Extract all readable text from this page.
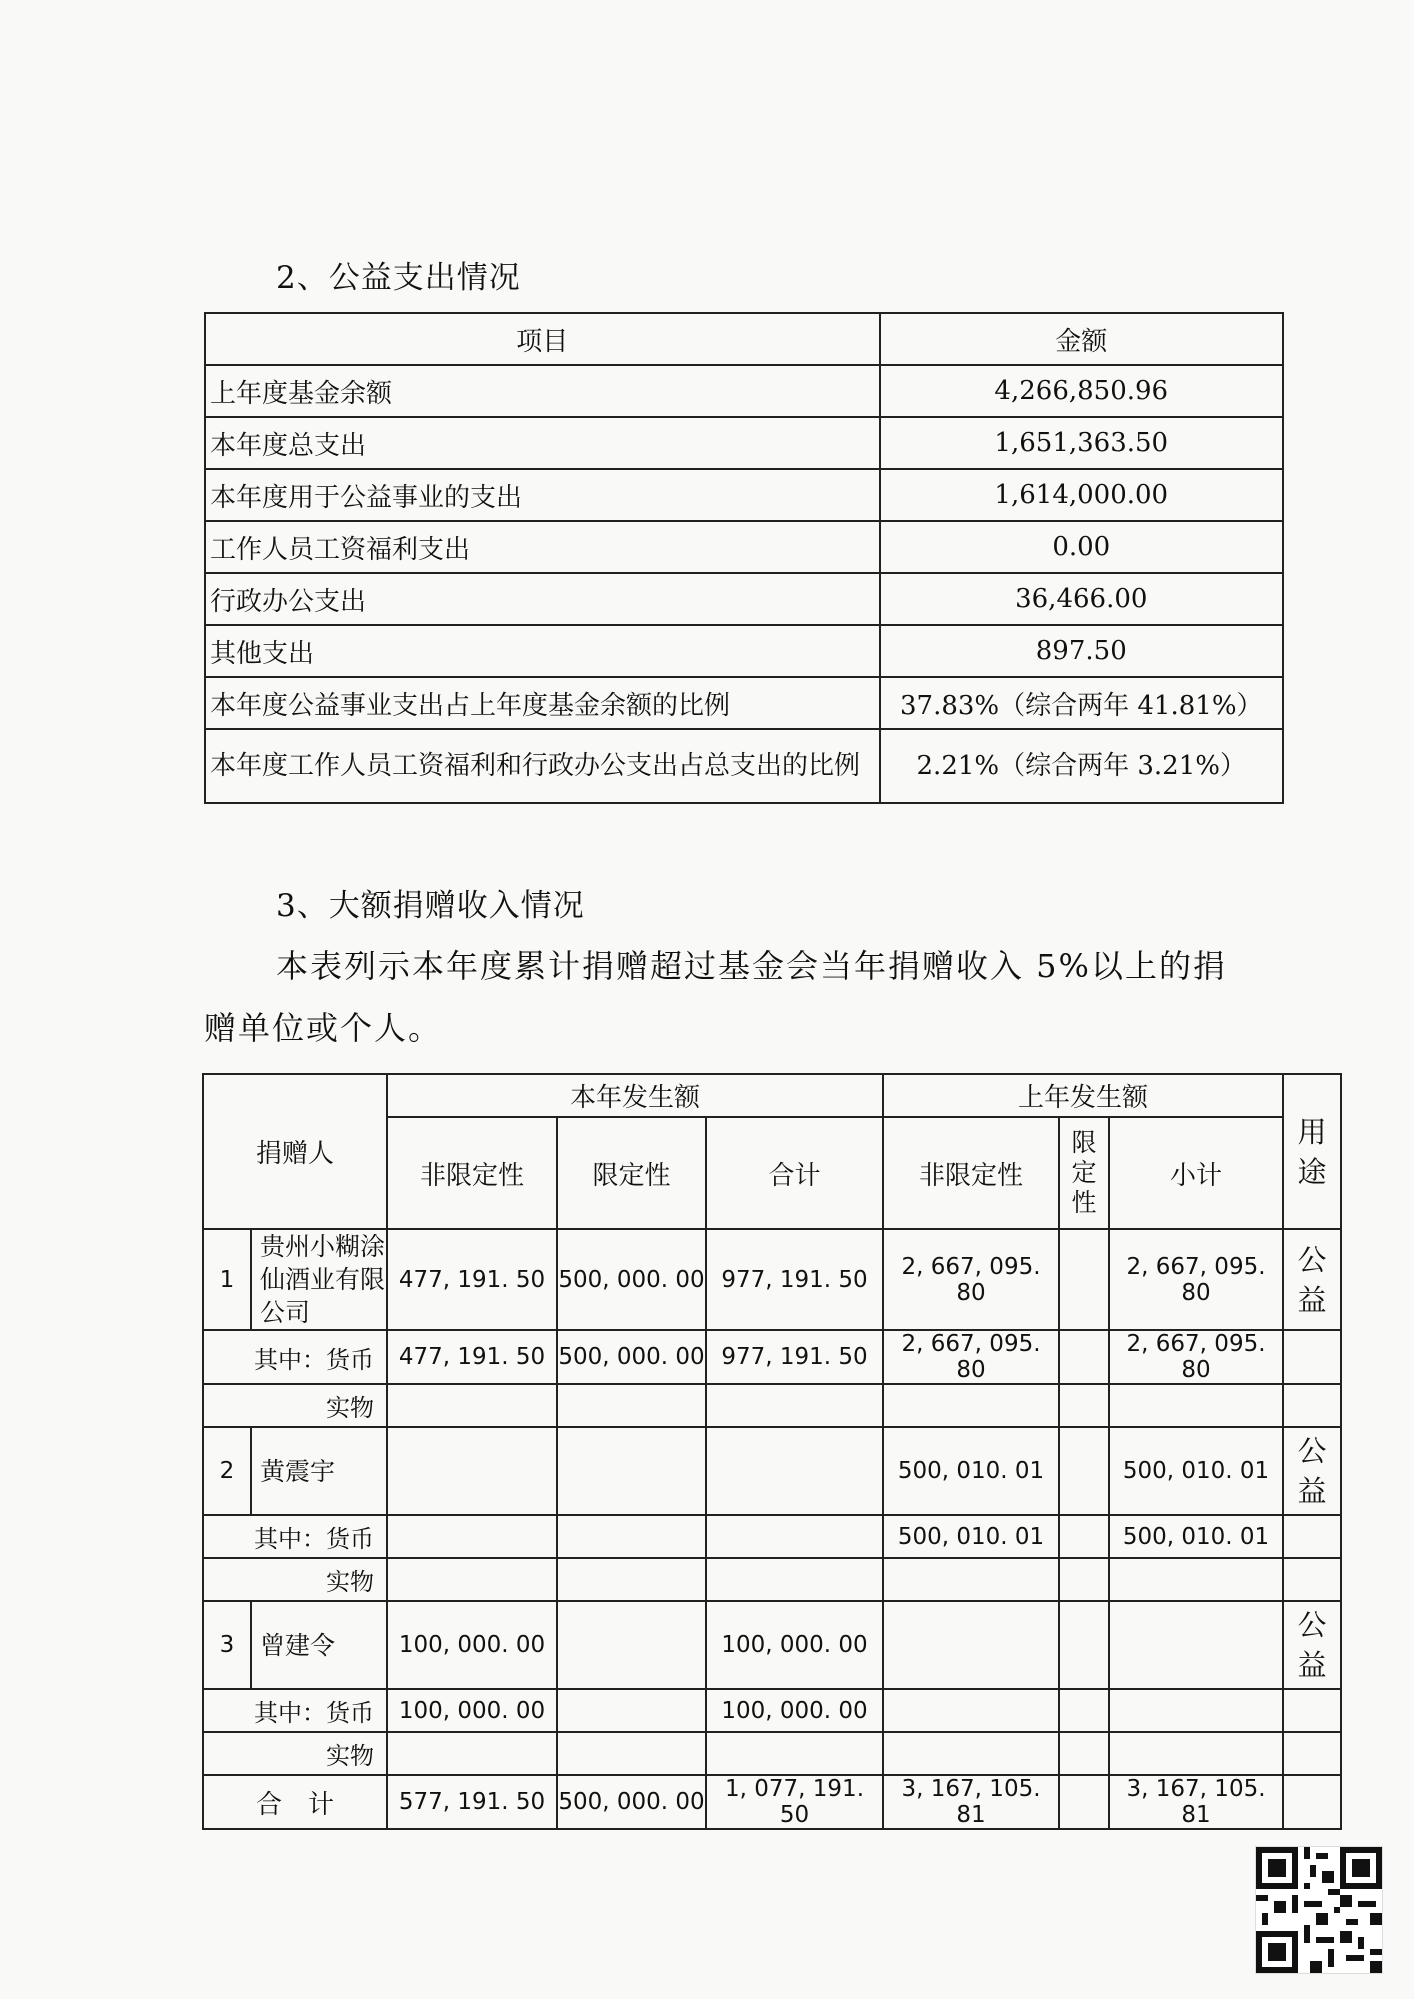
2、公益支出情况
项目	金额
上年度基金余额	4,266,850.96
本年度总支出	1,651,363.50
本年度用于公益事业的支出	1,614,000.00
工作人员工资福利支出	0.00
行政办公支出	36,466.00
其他支出	897.50
本年度公益事业支出占上年度基金余额的比例	37.83%（综合两年 41.81%）
本年度工作人员工资福利和行政办公支出占总支出的比例	2.21%（综合两年 3.21%）
3、大额捐赠收入情况
本表列示本年度累计捐赠超过基金会当年捐赠收入 5%以上的捐
赠单位或个人。
捐赠人		本年发生额			上年发生额			用途
		非限定性	限定性	合计	非限定性	限定性	小计	
1	贵州小糊涂仙酒业有限公司	477, 191. 50	500, 000. 00	977, 191. 50	2, 667, 095. 80		2, 667, 095. 80	公益
其中：货币		477, 191. 50	500, 000. 00	977, 191. 50	2, 667, 095. 80		2, 667, 095. 80	
实物								
2	黄震宇				500, 010. 01		500, 010. 01	公益
其中：货币					500, 010. 01		500, 010. 01	
实物								
3	曾建令	100, 000. 00		100, 000. 00				公益
其中：货币		100, 000. 00		100, 000. 00				
实物								
合　计		577, 191. 50	500, 000. 00	1, 077, 191. 50	3, 167, 105. 81		3, 167, 105. 81	
